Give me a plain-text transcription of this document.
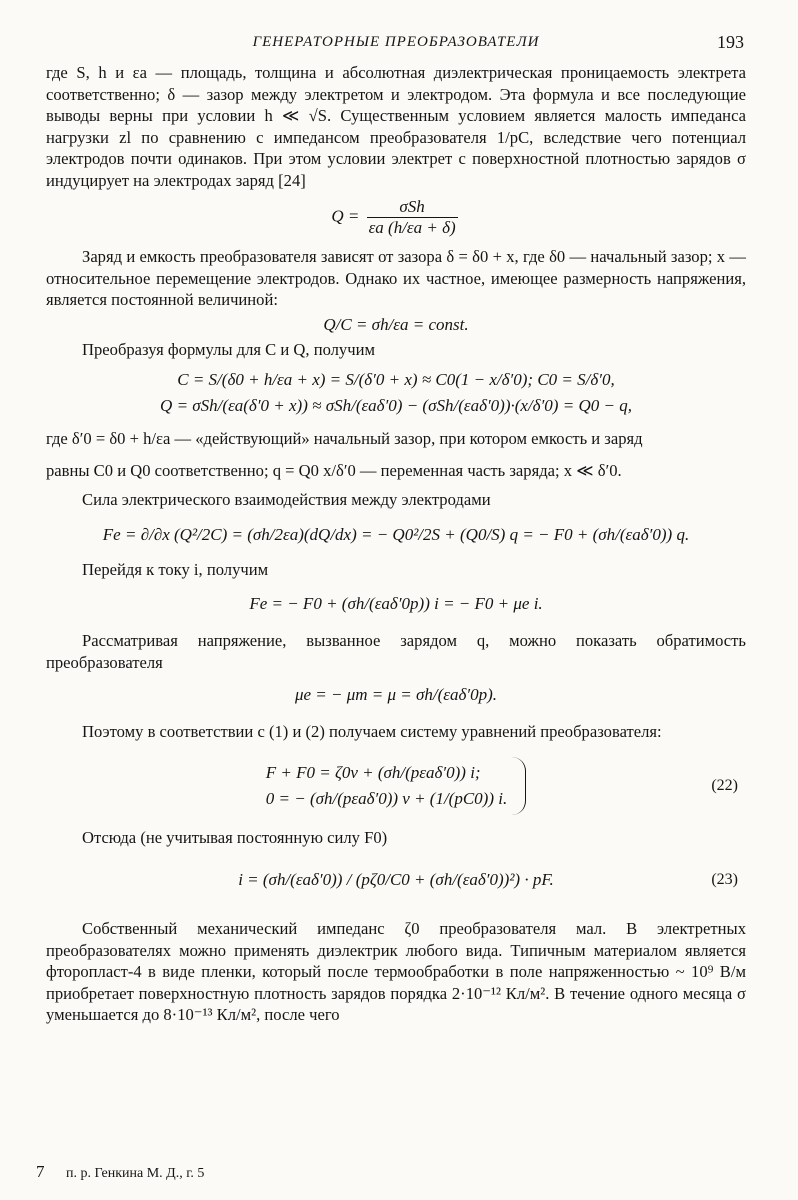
ГЕНЕРАТОРНЫЕ ПРЕОБРАЗОВАТЕЛИ	193

где S, h и εa — площадь, толщина и абсолютная диэлектрическая проницаемость электрета соответственно; δ — зазор между электретом и электродом. Эта формула и все последующие выводы верны при условии h ≪ √S. Существенным условием является малость импеданса нагрузки zl по сравнению с импедансом преобразователя 1/pC, вследствие чего потенциал электродов почти одинаков. При этом условии электрет с поверхностной плотностью зарядов σ индуцирует на электродах заряд [24]

Q =	σSh
εa (h/εa + δ)

Заряд и емкость преобразователя зависят от зазора δ = δ0 + x, где δ0 — начальный зазор; x — относительное перемещение электродов. Однако их частное, имеющее размерность напряжения, является постоянной величиной:

Q/C = σh/εa = const.

Преобразуя формулы для C и Q, получим

C = S/(δ0 + h/εa + x) = S/(δ′0 + x) ≈ C0(1 − x/δ′0); C0 = S/δ′0,
Q = σSh/(εa(δ′0 + x)) ≈ σSh/(εaδ′0) − (σSh/(εaδ′0))·(x/δ′0) = Q0 − q,

где δ′0 = δ0 + h/εa — «действующий» начальный зазор, при котором емкость и заряд

равны C0 и Q0 соответственно; q = Q0 x/δ′0 — переменная часть заряда; x ≪ δ′0.

Сила электрического взаимодействия между электродами

Fe = ∂/∂x (Q²/2C) = (σh/2εa)(dQ/dx) = − Q0²/2S + (Q0/S) q = − F0 + (σh/(εaδ′0)) q.

Перейдя к току i, получим

Fe = − F0 + (σh/(εaδ′0p)) i = − F0 + μe i.

Рассматривая напряжение, вызванное зарядом q, можно показать обратимость преобразователя

μe = − μm = μ = σh/(εaδ′0p).

Поэтому в соответствии с (1) и (2) получаем систему уравнений преобразователя:

F + F0 = ζ0v + (σh/(pεaδ′0)) i;
0 = − (σh/(pεaδ′0)) v + (1/(pC0)) i.
(22)

Отсюда (не учитывая постоянную силу F0)

i = (σh/(εaδ′0)) / (pζ0/C0 + (σh/(εaδ′0))²) · pF.	(23)

Собственный механический импеданс ζ0 преобразователя мал. В электретных преобразователях можно применять диэлектрик любого вида. Типичным материалом является фторопласт-4 в виде пленки, который после термообработки в поле напряженностью ~ 10⁹ В/м приобретает поверхностную плотность зарядов порядка 2·10⁻¹² Кл/м². В течение одного месяца σ уменьшается до 8·10⁻¹³ Кл/м², после чего

7 п. р. Генкина М. Д., г. 5
